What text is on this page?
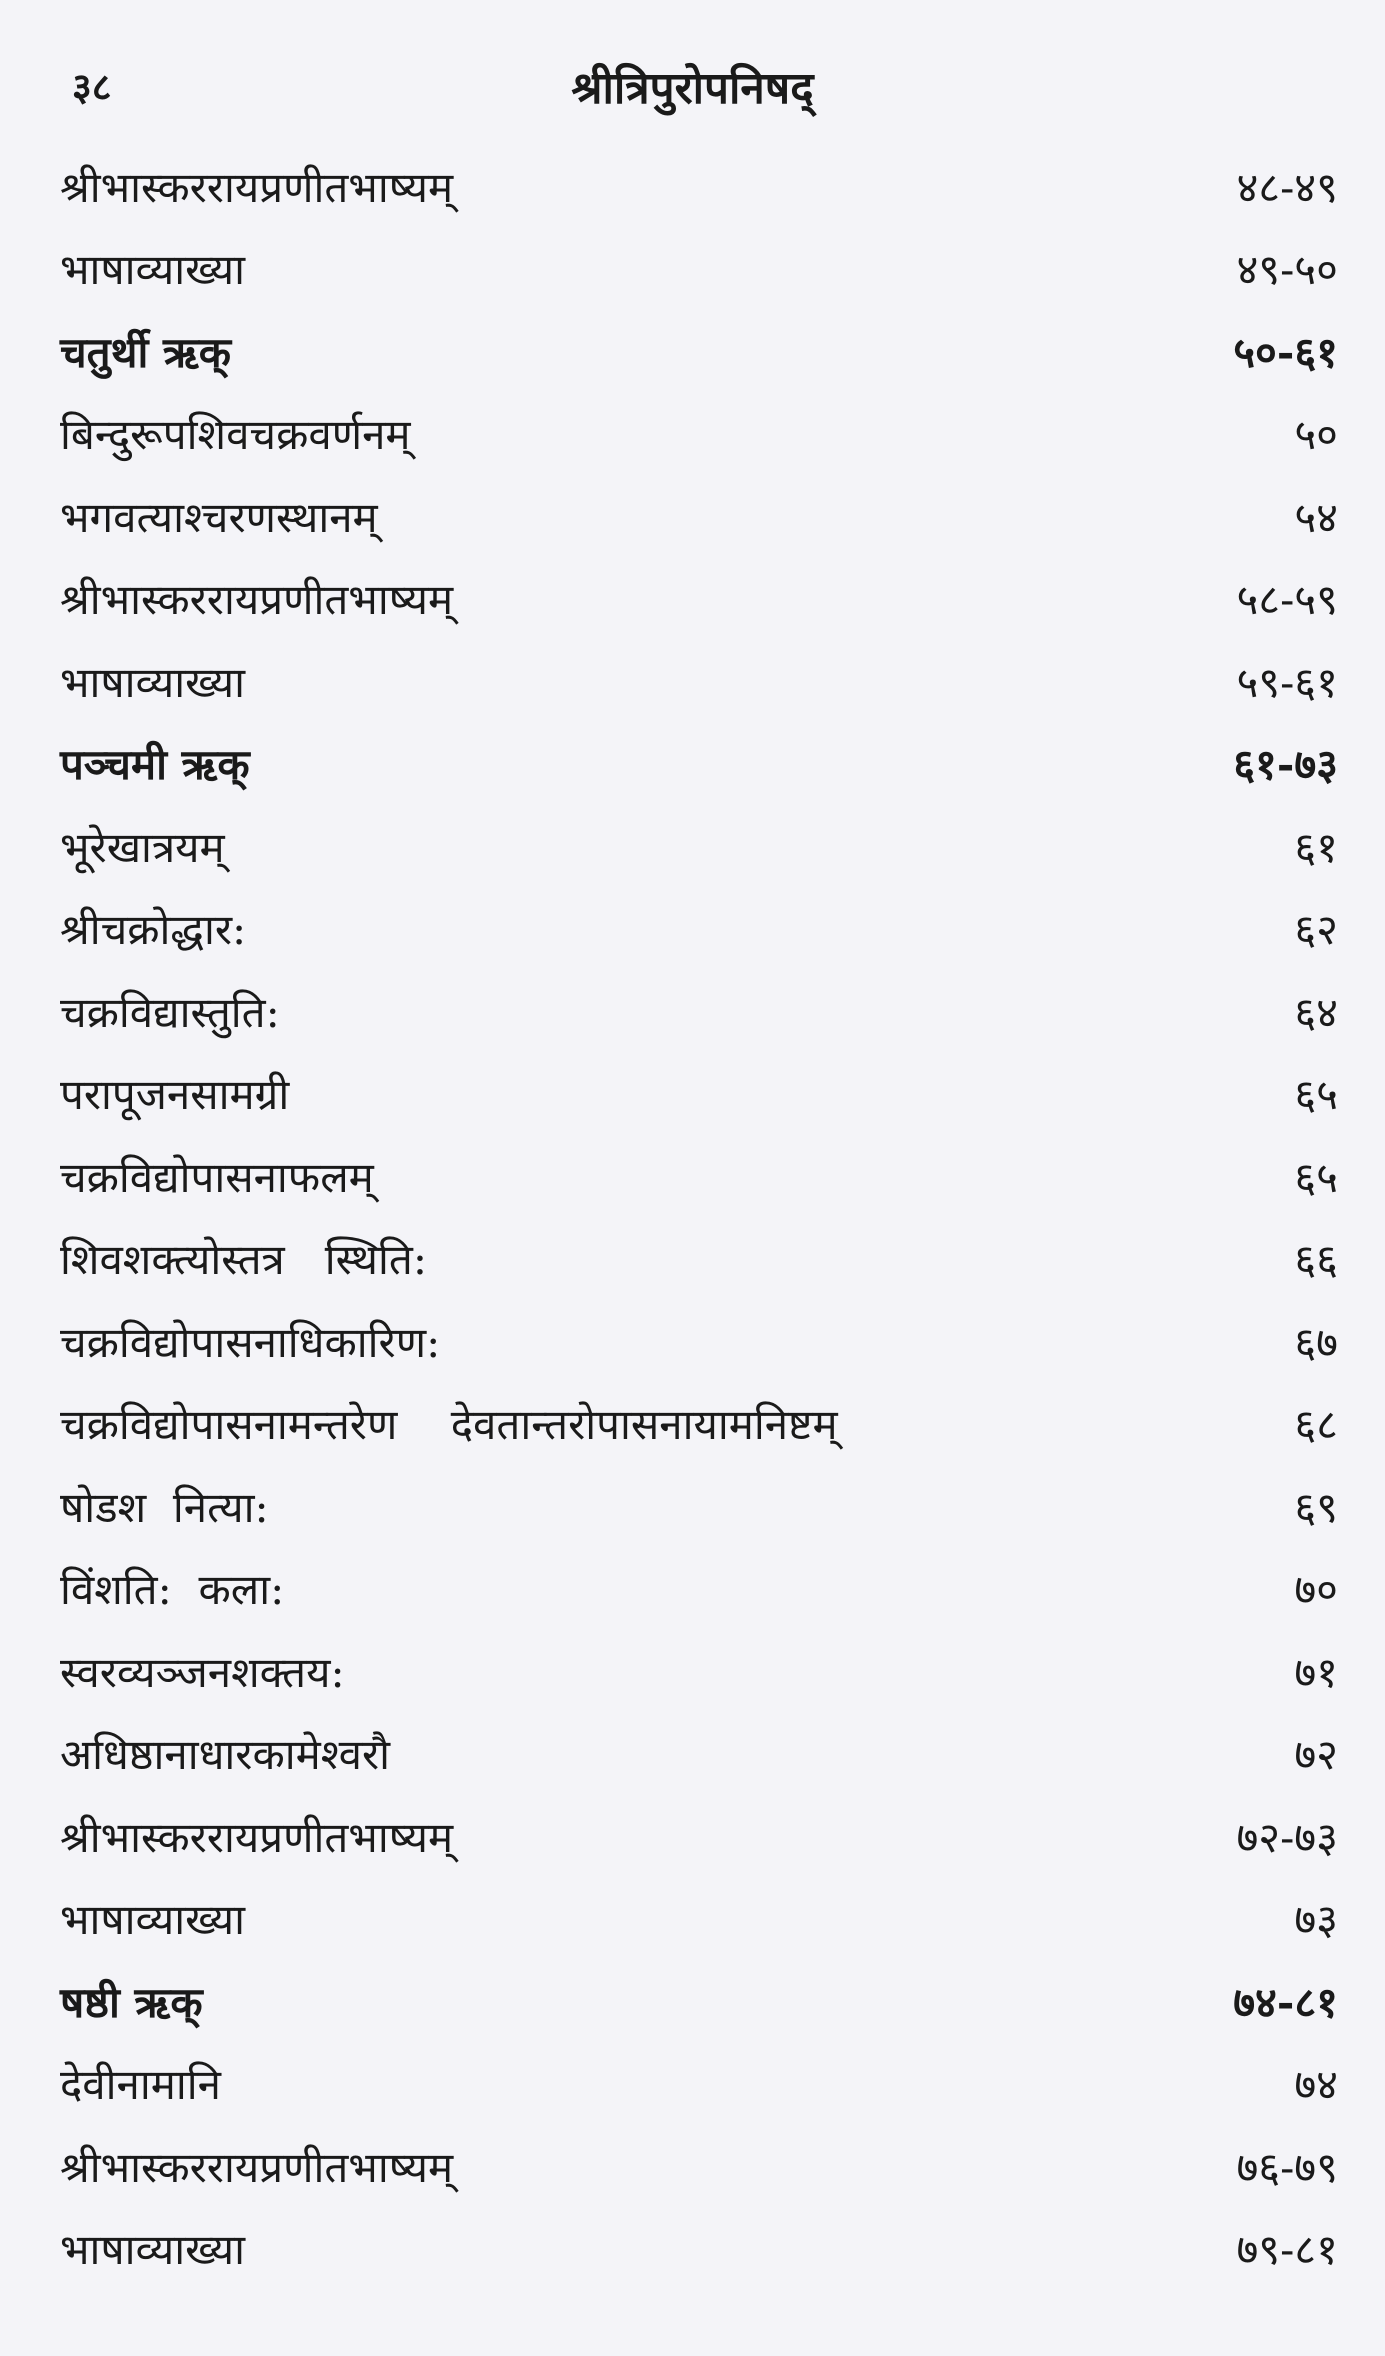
३८	श्रीत्रिपुरोपनिषद्
श्रीभास्कररायप्रणीतभाष्यम्	४८-४९
भाषाव्याख्या	४९-५०
चतुर्थी ऋक्	५०-६१
बिन्दुरूपशिवचक्रवर्णनम्	५०
भगवत्याश्चरणस्थानम्	५४
श्रीभास्कररायप्रणीतभाष्यम्	५८-५९
भाषाव्याख्या	५९-६१
पञ्चमी ऋक्	६१-७३
भूरेखात्रयम्	६१
श्रीचक्रोद्धार:	६२
चक्रविद्यास्तुति:	६४
परापूजनसामग्री	६५
चक्रविद्योपासनाफलम्	६५
शिवशक्त्योस्तत्र   स्थिति:	६६
चक्रविद्योपासनाधिकारिण:	६७
चक्रविद्योपासनामन्तरेण    देवतान्तरोपासनायामनिष्टम्	६८
षोडश  नित्या:	६९
विंशति:  कला:	७०
स्वरव्यञ्जनशक्तय:	७१
अधिष्ठानाधारकामेश्वरौ	७२
श्रीभास्कररायप्रणीतभाष्यम्	७२-७३
भाषाव्याख्या	७३
षष्ठी ऋक्	७४-८१
देवीनामानि	७४
श्रीभास्कररायप्रणीतभाष्यम्	७६-७९
भाषाव्याख्या	७९-८१
